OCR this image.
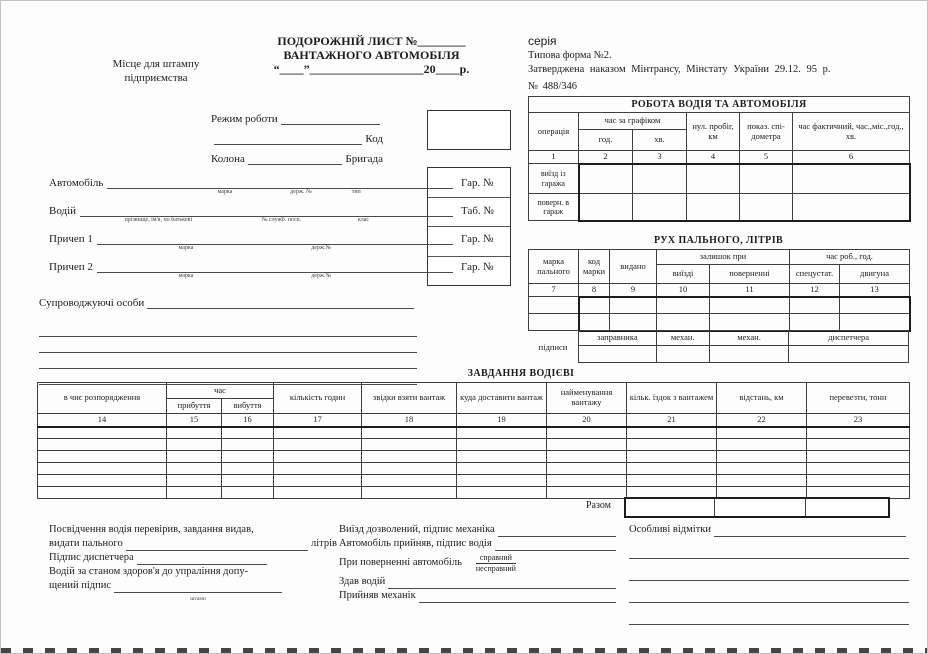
Місце для штампу
підприємства
ПОДОРОЖНІЙ ЛИСТ №________
ВАНТАЖНОГО АВТОМОБІЛЯ
“____”___________________20____р.
серія
Типова форма №2.
Затверджена наказом Мінтрансу, Мінстату України 29.12. 95 р.
№ 488/346
Режим роботи
Код
Колона	Бригада
Автомобіль
марка	держ. №	тип
Гар. №
Водій
прізвище, ім'я, по батькові	№ служб. посв.	клас
Таб. №
Причеп 1
марка	держ.№
Гар. №
Причеп 2
марка	держ.№
Гар. №
Супроводжуючі особи
РОБОТА ВОДІЯ ТА АВТОМОБІЛЯ					
операція	час за графіком		нул. пробіг, км	показ. спі- дометра	час фактичний, час.,міс.,год., хв.
	год.	хв.			
1	2	3	4	5	6
виїзд із гаража					
поверн. в гараж					
РУХ ПАЛЬНОГО, ЛІТРІВ
марка пального	код марки	видано	залишок при		час роб., год.	
			виїзді	поверненні	спецустат.	двигуна
7	8	9	10	11	12	13

підписи
заправника	механ.	механ.	диспетчера

ЗАВДАННЯ ВОДІЄВІ
в чиє розпорядження	час		кількість годин	звідки взяти вантаж	куда доставити вантаж	найменування вантажу	кільк. їздок з вантажем	відстань, км	перевезти, тонн
	прибуття	вибуття							
14	15	16	17	18	19	20	21	22	23

Разом
Посвідчення водія перевірив, завдання видав,
видати пального	літрів
Підпис диспетчера
Водій за станом здоров'я до упраління допу-
щений підпис
штамп
Виїзд дозволений, підпис механіка
Автомобіль прийняв, підпис водія
При поверненні автомобіль $\frac{\text{справний}}{\text{несправний}}$
Здав водій
Прийняв механік
Особливі відмітки
